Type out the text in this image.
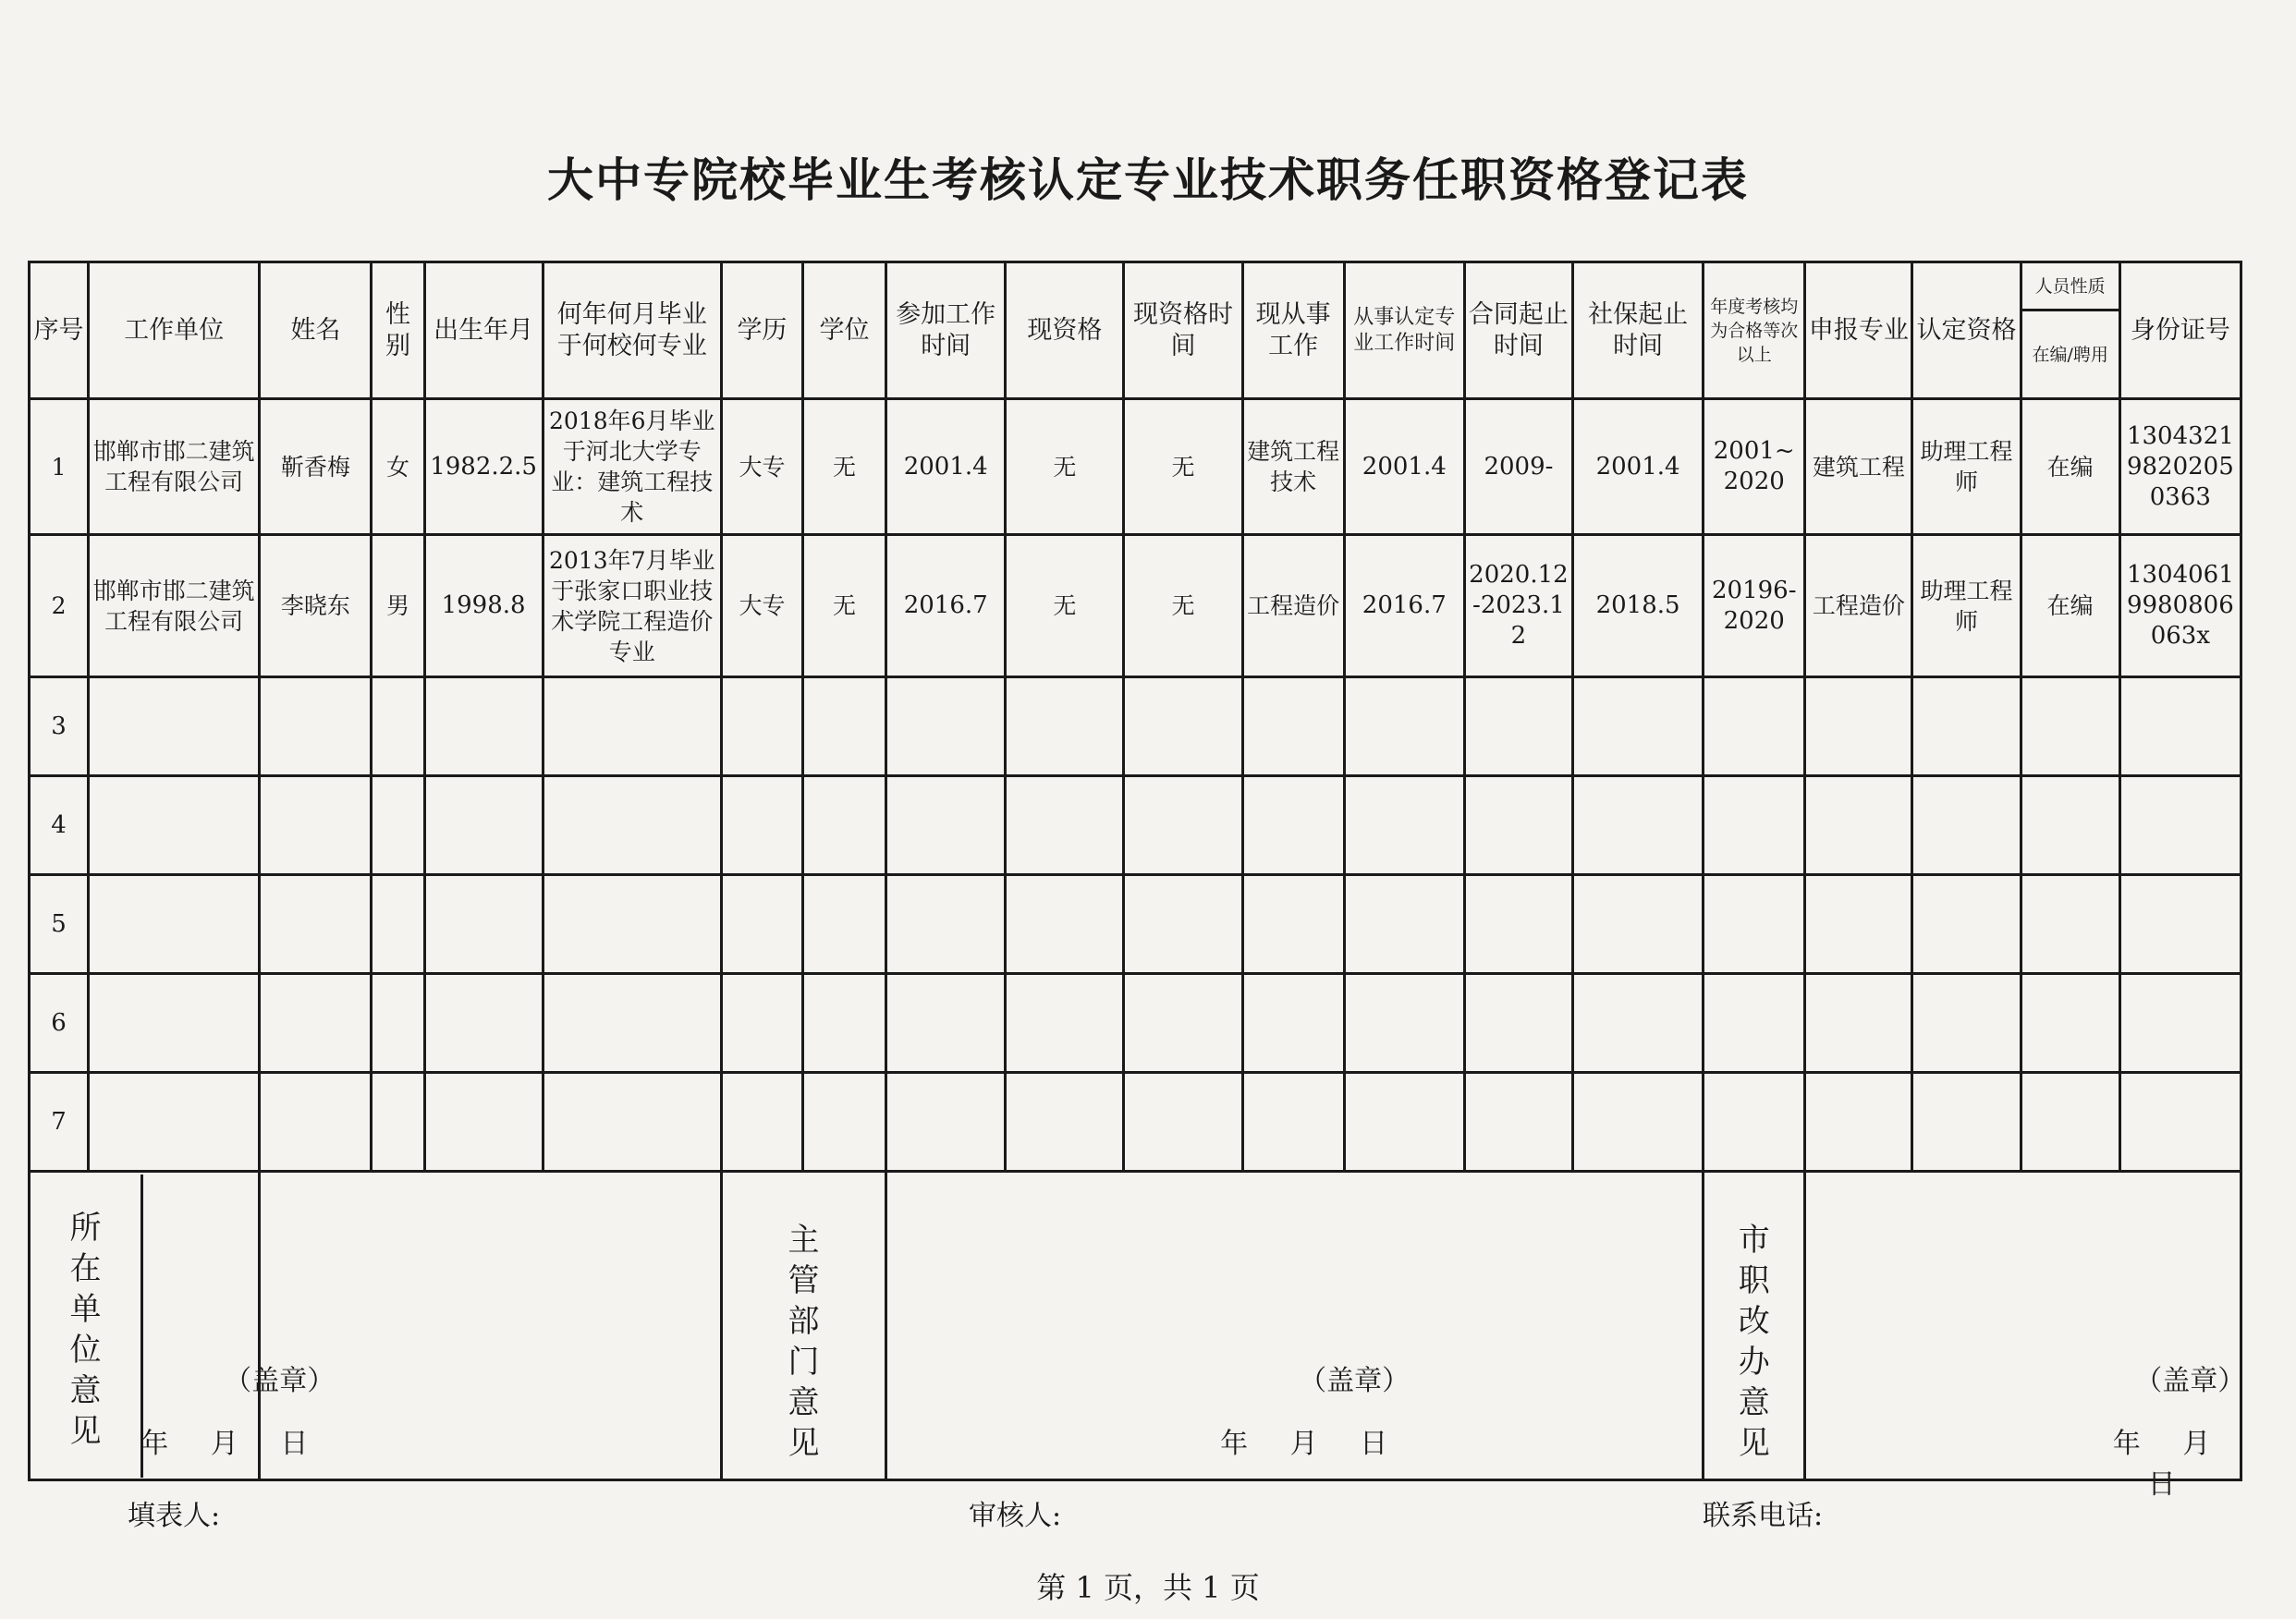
大中专院校毕业生考核认定专业技术职务任职资格登记表
序号	工作单位	姓名	性别	出生年月	何年何月毕业于何校何专业	学历	学位	参加工作时间	现资格	现资格时间	现从事工作	从事认定专业工作时间	合同起止时间	社保起止时间	年度考核均为合格等次以上	申报专业	认定资格	人员性质	身份证号
																		在编/聘用	
1	邯郸市邯二建筑工程有限公司	靳香梅	女	1982.2.5	2018年6月毕业于河北大学专业：建筑工程技术	大专	无	2001.4	无	无	建筑工程技术	2001.4	2009-	2001.4	2001~2020	建筑工程	助理工程师	在编	130432198202050363
2	邯郸市邯二建筑工程有限公司	李晓东	男	1998.8	2013年7月毕业于张家口职业技术学院工程造价专业	大专	无	2016.7	无	无	工程造价	2016.7	2020.12-2023.12	2018.5	20196-2020	工程造价	助理工程师	在编	13040619980806063x
3																			
4																			
5																			
6																			
7																			

所在单位意见		（盖章）
年 月 日				主管部门意见		（盖章）
年 月 日							市职改办意见	（盖章）
年 月 日			
填表人:	审核人:	联系电话:
第 1 页，共 1 页
